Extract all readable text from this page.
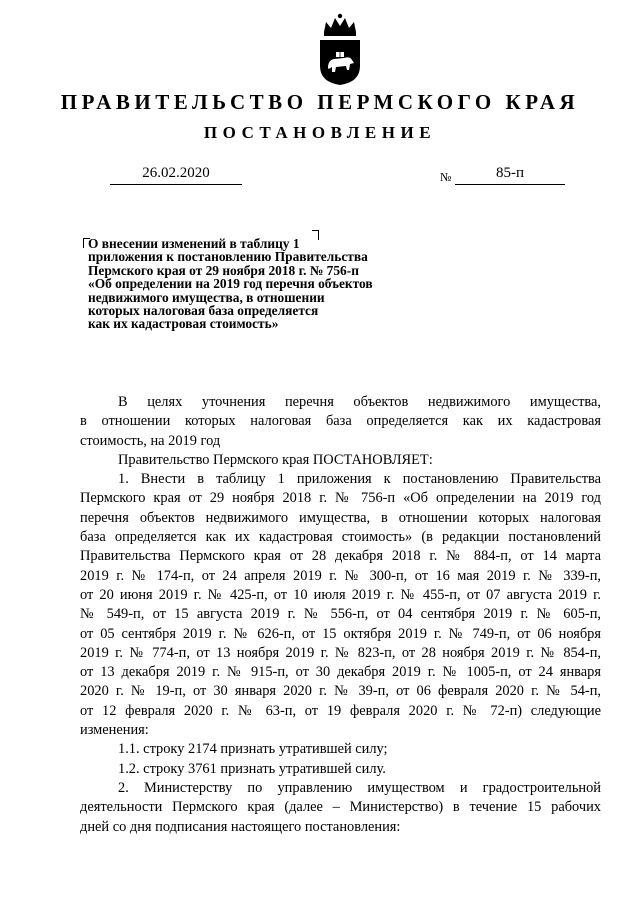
ПРАВИТЕЛЬСТВО ПЕРМСКОГО КРАЯ
ПОСТАНОВЛЕНИЕ
26.02.2020	№	85-п
О внесении изменений в таблицу 1
приложения к постановлению Правительства
Пермского края от 29 ноября 2018 г. № 756-п
«Об определении на 2019 год перечня объектов
недвижимого имущества, в отношении
которых налоговая база определяется
как их кадастровая стоимость»
В целях уточнения перечня объектов недвижимого имущества,
в отношении которых налоговая база определяется как их кадастровая
стоимость, на 2019 год
Правительство Пермского края ПОСТАНОВЛЯЕТ:
1. Внести в таблицу 1 приложения к постановлению Правительства
Пермского края от 29 ноября 2018 г. № 756-п «Об определении на 2019 год
перечня объектов недвижимого имущества, в отношении которых налоговая
база определяется как их кадастровая стоимость» (в редакции постановлений
Правительства Пермского края от 28 декабря 2018 г. № 884-п, от 14 марта
2019 г. № 174-п, от 24 апреля 2019 г. № 300-п, от 16 мая 2019 г. № 339-п,
от 20 июня 2019 г. № 425-п, от 10 июля 2019 г. № 455-п, от 07 августа 2019 г.
№ 549-п, от 15 августа 2019 г. № 556-п, от 04 сентября 2019 г. № 605-п,
от 05 сентября 2019 г. № 626-п, от 15 октября 2019 г. № 749-п, от 06 ноября
2019 г. № 774-п, от 13 ноября 2019 г. № 823-п, от 28 ноября 2019 г. № 854-п,
от 13 декабря 2019 г. № 915-п, от 30 декабря 2019 г. № 1005-п, от 24 января
2020 г. № 19-п, от 30 января 2020 г. № 39-п, от 06 февраля 2020 г. № 54-п,
от 12 февраля 2020 г. № 63-п, от 19 февраля 2020 г. № 72-п) следующие
изменения:
1.1. строку 2174 признать утратившей силу;
1.2. строку 3761 признать утратившей силу.
2. Министерству по управлению имуществом и градостроительной
деятельности Пермского края (далее – Министерство) в течение 15 рабочих
дней со дня подписания настоящего постановления:
